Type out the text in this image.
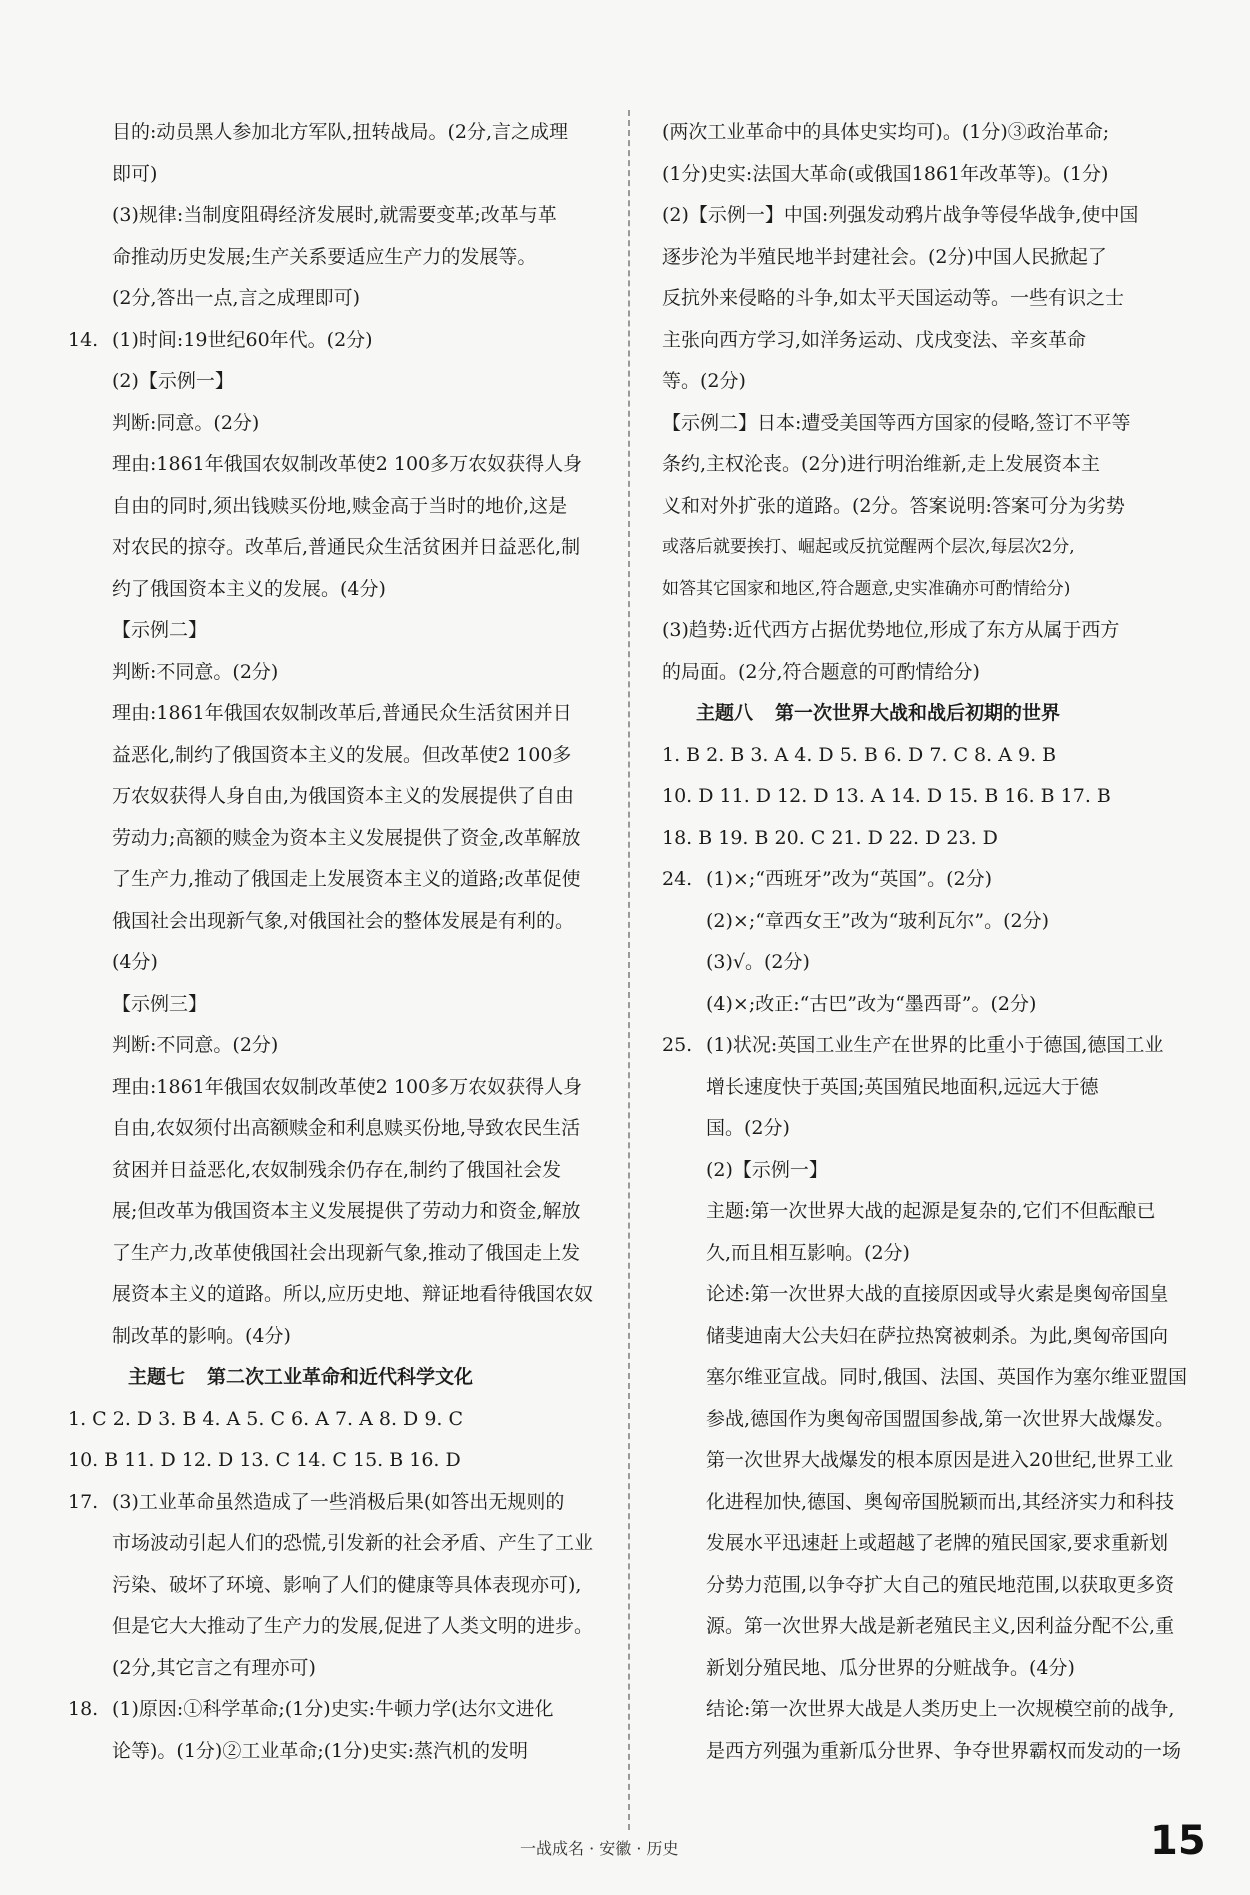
目的:动员黑人参加北方军队,扭转战局。(2分,言之成理
即可)
(3)规律:当制度阻碍经济发展时,就需要变革;改革与革
命推动历史发展;生产关系要适应生产力的发展等。
(2分,答出一点,言之成理即可)
14. (1)时间:19世纪60年代。(2分)
(2)【示例一】
判断:同意。(2分)
理由:1861年俄国农奴制改革使2 100多万农奴获得人身
自由的同时,须出钱赎买份地,赎金高于当时的地价,这是
对农民的掠夺。改革后,普通民众生活贫困并日益恶化,制
约了俄国资本主义的发展。(4分)
【示例二】
判断:不同意。(2分)
理由:1861年俄国农奴制改革后,普通民众生活贫困并日
益恶化,制约了俄国资本主义的发展。但改革使2 100多
万农奴获得人身自由,为俄国资本主义的发展提供了自由
劳动力;高额的赎金为资本主义发展提供了资金,改革解放
了生产力,推动了俄国走上发展资本主义的道路;改革促使
俄国社会出现新气象,对俄国社会的整体发展是有利的。
(4分)
【示例三】
判断:不同意。(2分)
理由:1861年俄国农奴制改革使2 100多万农奴获得人身
自由,农奴须付出高额赎金和利息赎买份地,导致农民生活
贫困并日益恶化,农奴制残余仍存在,制约了俄国社会发
展;但改革为俄国资本主义发展提供了劳动力和资金,解放
了生产力,改革使俄国社会出现新气象,推动了俄国走上发
展资本主义的道路。所以,应历史地、辩证地看待俄国农奴
制改革的影响。(4分)
主题七 第二次工业革命和近代科学文化
1. C 2. D 3. B 4. A 5. C 6. A 7. A 8. D 9. C
10. B 11. D 12. D 13. C 14. C 15. B 16. D
17. (3)工业革命虽然造成了一些消极后果(如答出无规则的
市场波动引起人们的恐慌,引发新的社会矛盾、产生了工业
污染、破坏了环境、影响了人们的健康等具体表现亦可),
但是它大大推动了生产力的发展,促进了人类文明的进步。
(2分,其它言之有理亦可)
18. (1)原因:①科学革命;(1分)史实:牛顿力学(达尔文进化
论等)。(1分)②工业革命;(1分)史实:蒸汽机的发明
(两次工业革命中的具体史实均可)。(1分)③政治革命;
(1分)史实:法国大革命(或俄国1861年改革等)。(1分)
(2)【示例一】中国:列强发动鸦片战争等侵华战争,使中国
逐步沦为半殖民地半封建社会。(2分)中国人民掀起了
反抗外来侵略的斗争,如太平天国运动等。一些有识之士
主张向西方学习,如洋务运动、戊戌变法、辛亥革命
等。(2分)
【示例二】日本:遭受美国等西方国家的侵略,签订不平等
条约,主权沦丧。(2分)进行明治维新,走上发展资本主
义和对外扩张的道路。(2分。答案说明:答案可分为劣势
或落后就要挨打、崛起或反抗觉醒两个层次,每层次2分,
如答其它国家和地区,符合题意,史实准确亦可酌情给分)
(3)趋势:近代西方占据优势地位,形成了东方从属于西方
的局面。(2分,符合题意的可酌情给分)
主题八 第一次世界大战和战后初期的世界
1. B 2. B 3. A 4. D 5. B 6. D 7. C 8. A 9. B
10. D 11. D 12. D 13. A 14. D 15. B 16. B 17. B
18. B 19. B 20. C 21. D 22. D 23. D
24. (1)×;“西班牙”改为“英国”。(2分)
(2)×;“章西女王”改为“玻利瓦尔”。(2分)
(3)√。(2分)
(4)×;改正:“古巴”改为“墨西哥”。(2分)
25. (1)状况:英国工业生产在世界的比重小于德国,德国工业
增长速度快于英国;英国殖民地面积,远远大于德
国。(2分)
(2)【示例一】
主题:第一次世界大战的起源是复杂的,它们不但酝酿已
久,而且相互影响。(2分)
论述:第一次世界大战的直接原因或导火索是奥匈帝国皇
储斐迪南大公夫妇在萨拉热窝被刺杀。为此,奥匈帝国向
塞尔维亚宣战。同时,俄国、法国、英国作为塞尔维亚盟国
参战,德国作为奥匈帝国盟国参战,第一次世界大战爆发。
第一次世界大战爆发的根本原因是进入20世纪,世界工业
化进程加快,德国、奥匈帝国脱颖而出,其经济实力和科技
发展水平迅速赶上或超越了老牌的殖民国家,要求重新划
分势力范围,以争夺扩大自己的殖民地范围,以获取更多资
源。第一次世界大战是新老殖民主义,因利益分配不公,重
新划分殖民地、瓜分世界的分赃战争。(4分)
结论:第一次世界大战是人类历史上一次规模空前的战争,
是西方列强为重新瓜分世界、争夺世界霸权而发动的一场
一战成名 · 安徽 · 历史	15
